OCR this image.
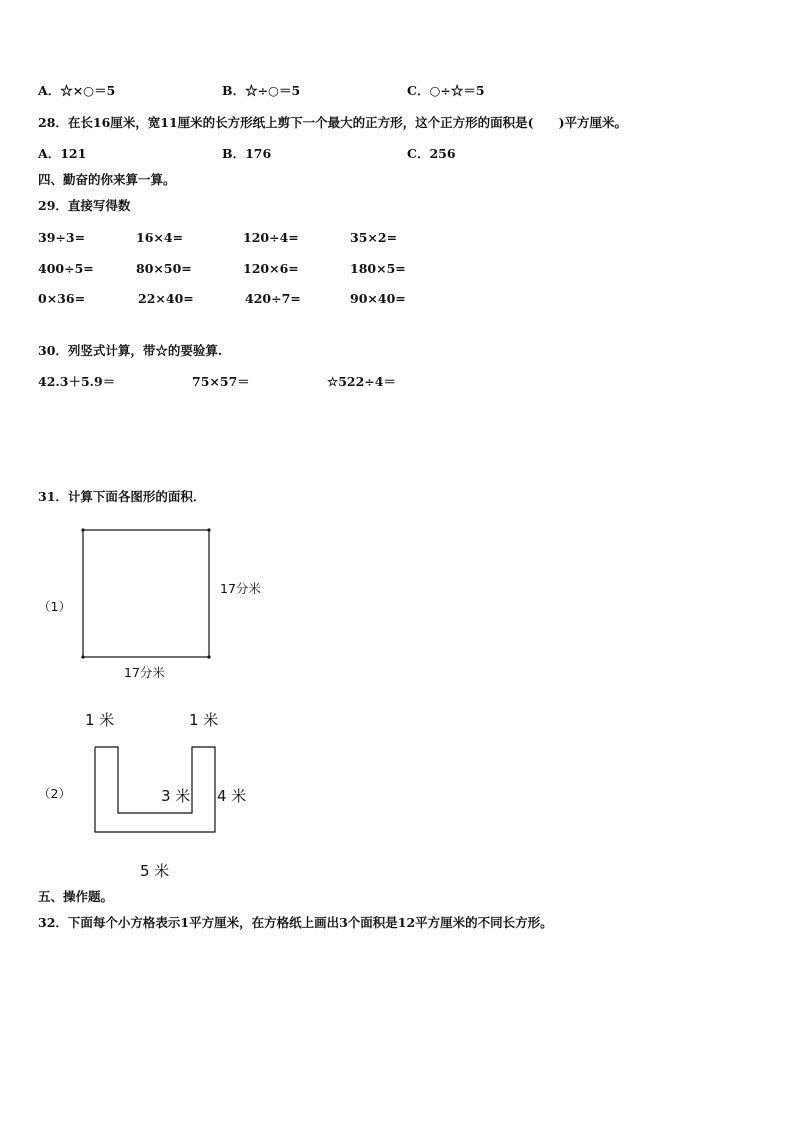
A．☆×○＝5	B．☆÷○＝5	C．○÷☆＝5
28．在长16厘米，宽11厘米的长方形纸上剪下一个最大的正方形，这个正方形的面积是(　　)平方厘米。
A．121	B．176	C．256
四、勤奋的你来算一算。
29．直接写得数
39÷3=	16×4=	120÷4=	35×2=
400÷5=	80×50=	120×6=	180×5=
0×36=	22×40=	420÷7=	90×40=
30．列竖式计算，带☆的要验算.
42.3＋5.9＝	75×57＝	☆522÷4＝
31．计算下面各图形的面积．
（1）
17分米
17分米
（2）
1 米	1 米
3 米 4 米
5 米
五、操作题。
32．下面每个小方格表示1平方厘米，在方格纸上画出3个面积是12平方厘米的不同长方形。
